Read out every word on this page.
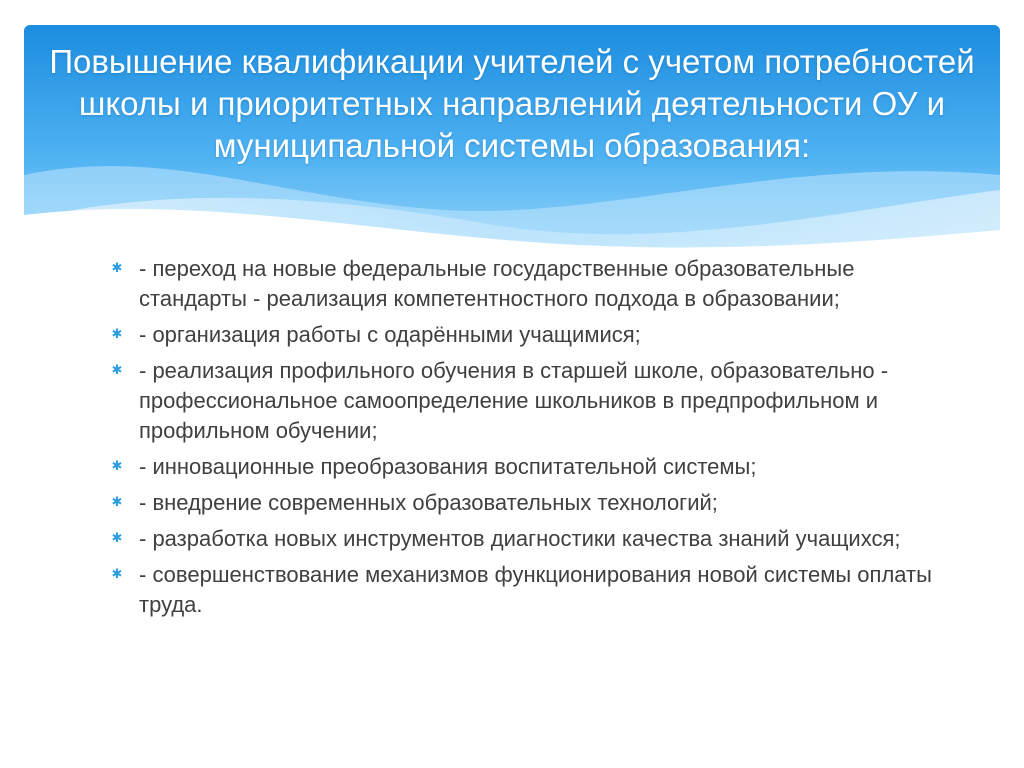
Повышение квалификации учителей с учетом потребностей школы и приоритетных направлений деятельности ОУ и муниципальной системы образования:
✱ - переход на новые федеральные государственные образовательные стандарты - реализация компетентностного подхода в образовании;
✱ - организация работы с одарёнными учащимися;
✱ - реализация профильного обучения в старшей школе, образовательно - профессиональное самоопределение школьников в предпрофильном и профильном обучении;
✱ - инновационные преобразования воспитательной системы;
✱ - внедрение современных образовательных технологий;
✱ - разработка новых инструментов диагностики качества знаний учащихся;
✱ - совершенствование механизмов функционирования новой системы оплаты труда.
